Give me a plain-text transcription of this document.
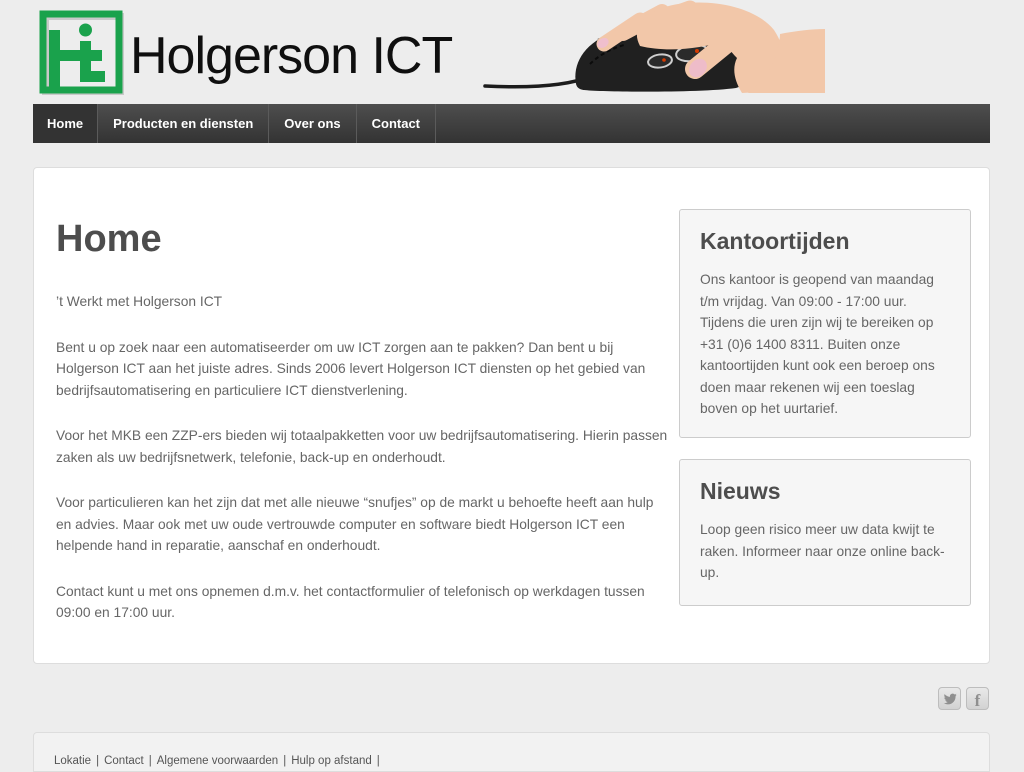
Holgerson ICT
Home	Producten en diensten	Over ons	Contact
Home

’t Werkt met Holgerson ICT

Bent u op zoek naar een automatiseerder om uw ICT zorgen aan te pakken? Dan bent u bij Holgerson ICT aan het juiste adres. Sinds 2006 levert Holgerson ICT diensten op het gebied van bedrijfsautomatisering en particuliere ICT dienstverlening.

Voor het MKB een ZZP-ers bieden wij totaalpakketten voor uw bedrijfsautomatisering. Hierin passen zaken als uw bedrijfsnetwerk, telefonie, back-up en onderhoudt.

Voor particulieren kan het zijn dat met alle nieuwe “snufjes” op de markt u behoefte heeft aan hulp en advies. Maar ook met uw oude vertrouwde computer en software biedt Holgerson ICT een helpende hand in reparatie, aanschaf en onderhoudt.

Contact kunt u met ons opnemen d.m.v. het contactformulier of telefonisch op werkdagen tussen 09:00 en 17:00 uur.

Kantoortijden

Ons kantoor is geopend van maandag t/m vrijdag. Van 09:00 - 17:00 uur. Tijdens die uren zijn wij te bereiken op +31 (0)6 1400 8311. Buiten onze kantoortijden kunt ook een beroep ons doen maar rekenen wij een toeslag boven op het uurtarief.

Nieuws

Loop geen risico meer uw data kwijt te raken. Informeer naar onze online back-up.

f
Lokatie | Contact | Algemene voorwaarden | Hulp op afstand |
